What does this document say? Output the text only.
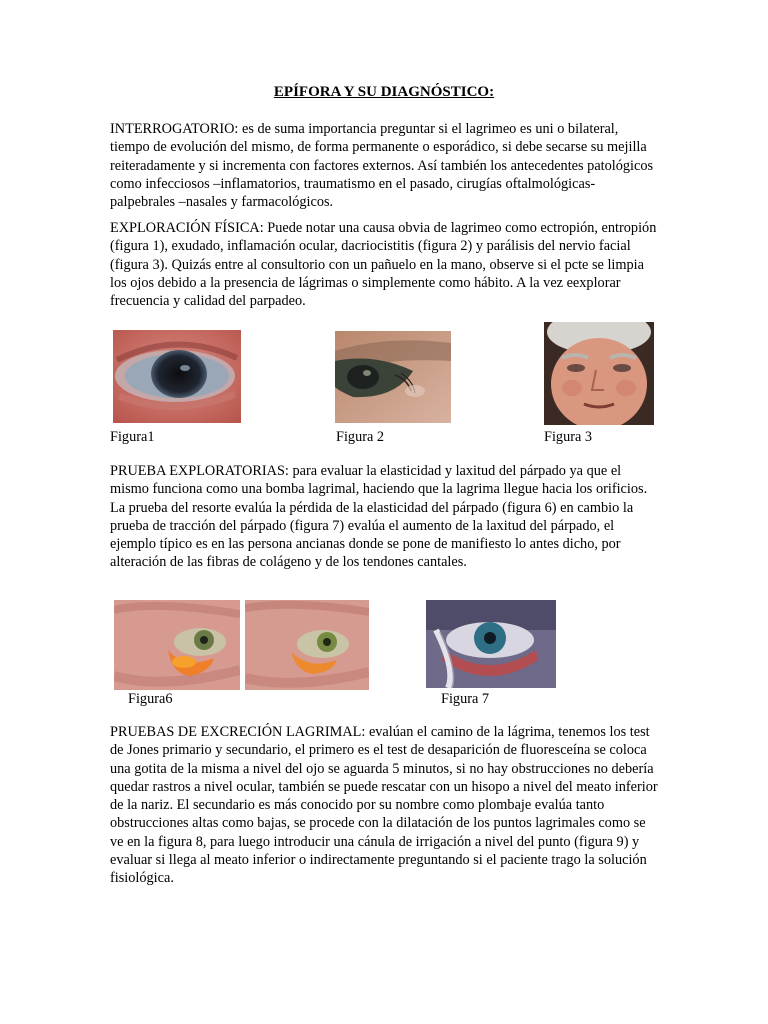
EPÍFORA Y SU DIAGNÓSTICO:

INTERROGATORIO: es de suma importancia preguntar si el lagrimeo es uni o bilateral, tiempo de evolución del mismo, de forma permanente o esporádico, si debe secarse su mejilla reiteradamente y si incrementa con factores externos. Así también los antecedentes patológicos como infecciosos –inflamatorios, traumatismo en el pasado, cirugías oftalmológicas-palpebrales –nasales y farmacológicos.

EXPLORACIÓN FÍSICA: Puede notar una causa obvia de lagrimeo como ectropión, entropión (figura 1), exudado, inflamación ocular, dacriocistitis (figura 2) y parálisis del nervio facial (figura 3). Quizás entre al consultorio con un pañuelo en la mano, observe si el pcte se limpia los ojos debido a la presencia de lágrimas o simplemente como hábito. A la vez eexplorar frecuencia y calidad del parpadeo.

Figura1	Figura 2	Figura 3

PRUEBA EXPLORATORIAS: para evaluar la elasticidad y laxitud del párpado ya que el mismo funciona como una bomba lagrimal, haciendo que la lagrima llegue hacia los orificios. La prueba del resorte evalúa la pérdida de la elasticidad del párpado (figura 6) en cambio la prueba de tracción del párpado (figura 7) evalúa el aumento de la laxitud del párpado, el ejemplo típico es en las persona ancianas donde se pone de manifiesto lo antes dicho, por alteración de las fibras de colágeno y de los tendones cantales.

Figura6	Figura 7

PRUEBAS DE EXCRECIÓN LAGRIMAL: evalúan el camino de la lágrima, tenemos los test de Jones primario y secundario, el primero es el test de desaparición de fluoresceína se coloca una gotita de la misma a nivel del ojo se aguarda 5 minutos, si no hay obstrucciones no debería quedar rastros a nivel ocular, también se puede rescatar con un hisopo a nivel del meato inferior de la nariz. El secundario es más conocido por su nombre como plombaje evalúa tanto obstrucciones altas como bajas, se procede con la dilatación de los puntos lagrimales como se ve en la figura 8, para luego introducir una cánula de irrigación a nivel del punto (figura 9) y evaluar si llega al meato inferior o indirectamente preguntando si el paciente trago la solución fisiológica.
